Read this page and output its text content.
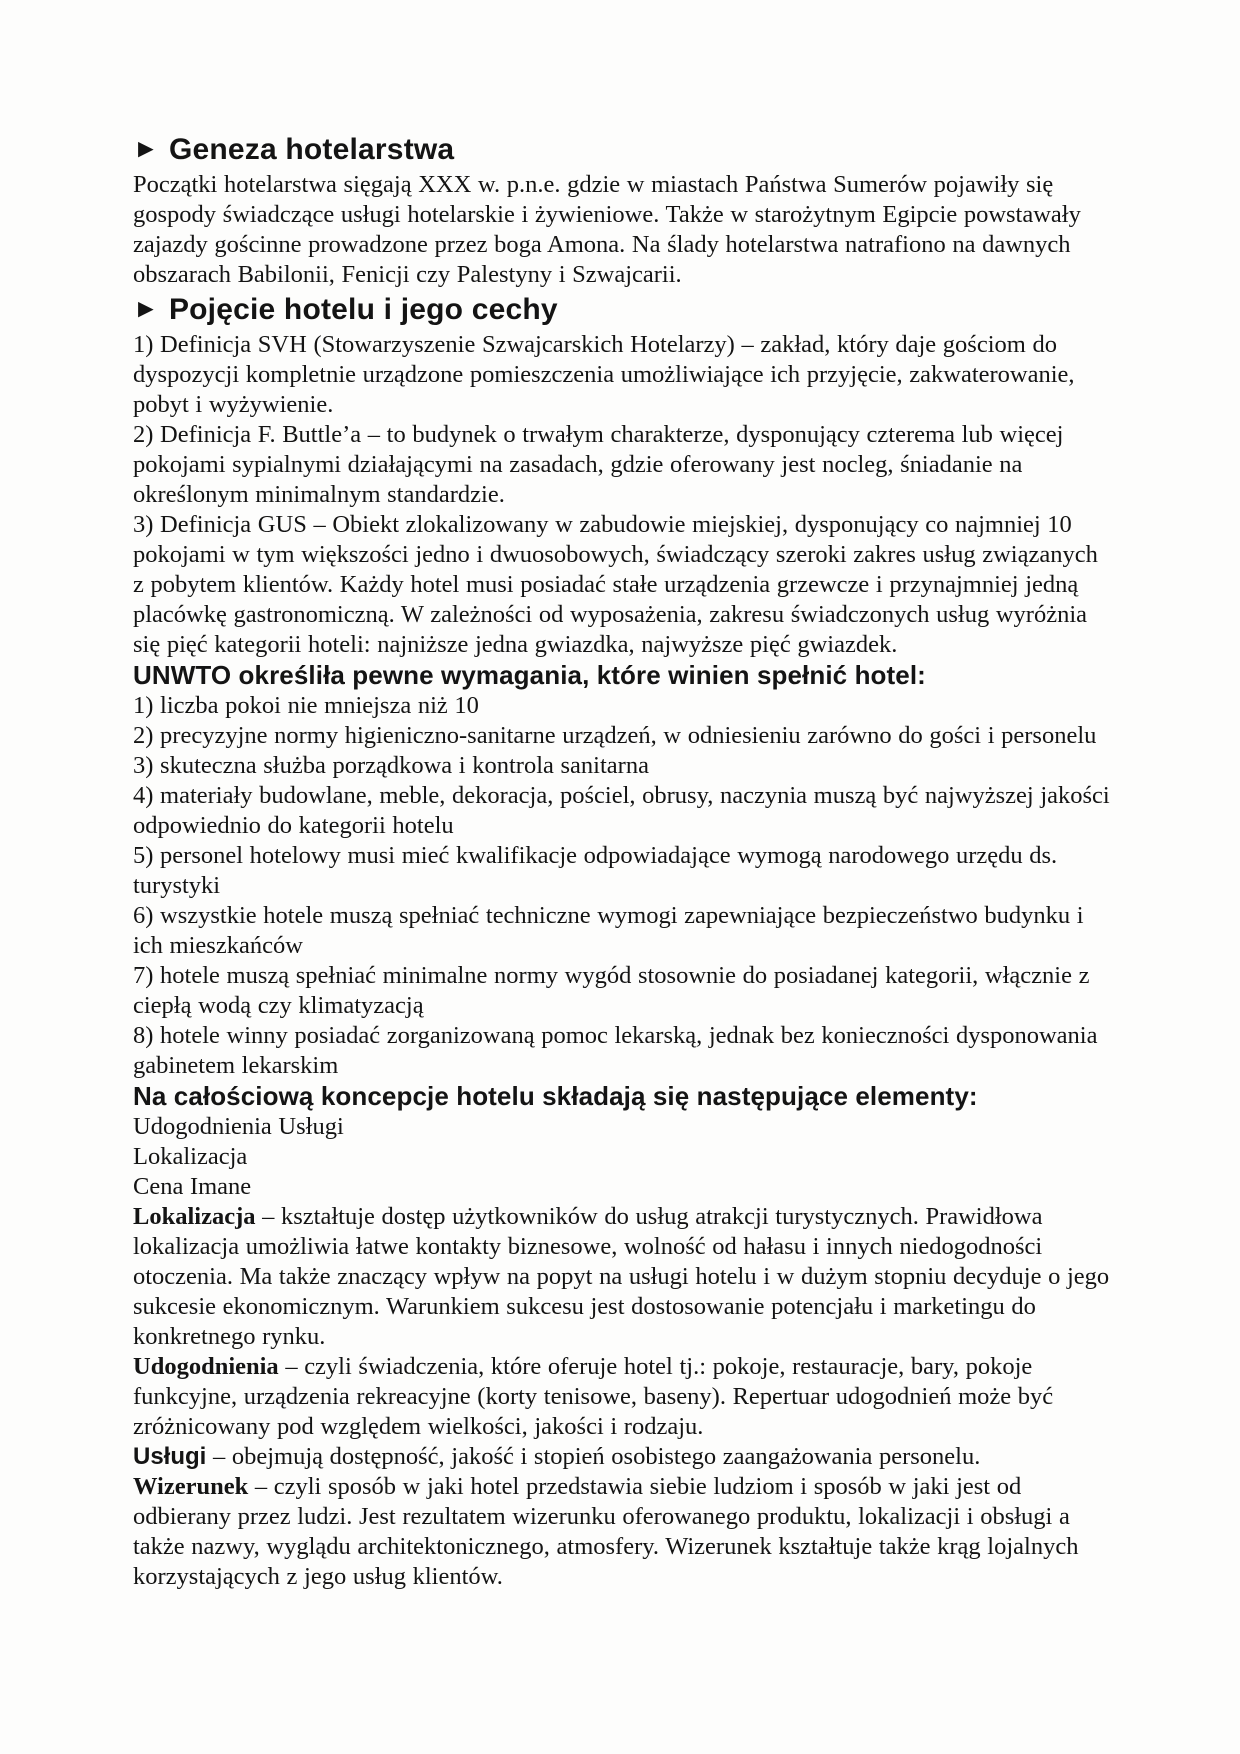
► Geneza hotelarstwa

Początki hotelarstwa sięgają XXX w. p.n.e. gdzie w miastach Państwa Sumerów pojawiły się gospody świadczące usługi hotelarskie i żywieniowe. Także w starożytnym Egipcie powstawały zajazdy gościnne prowadzone przez boga Amona. Na ślady hotelarstwa natrafiono na dawnych obszarach Babilonii, Fenicji czy Palestyny i Szwajcarii.

► Pojęcie hotelu i jego cechy

1) Definicja SVH (Stowarzyszenie Szwajcarskich Hotelarzy) – zakład, który daje gościom do dyspozycji kompletnie urządzone pomieszczenia umożliwiające ich przyjęcie, zakwaterowanie, pobyt i wyżywienie.

2) Definicja F. Buttle’a – to budynek o trwałym charakterze, dysponujący czterema lub więcej pokojami sypialnymi działającymi na zasadach, gdzie oferowany jest nocleg, śniadanie na określonym minimalnym standardzie.

3) Definicja GUS – Obiekt zlokalizowany w zabudowie miejskiej, dysponujący co najmniej 10 pokojami w tym większości jedno i dwuosobowych, świadczący szeroki zakres usług związanych z pobytem klientów. Każdy hotel musi posiadać stałe urządzenia grzewcze i przynajmniej jedną placówkę gastronomiczną. W zależności od wyposażenia, zakresu świadczonych usług wyróżnia się pięć kategorii hoteli: najniższe jedna gwiazdka, najwyższe pięć gwiazdek.

UNWTO określiła pewne wymagania, które winien spełnić hotel:

1) liczba pokoi nie mniejsza niż 10

2) precyzyjne normy higieniczno-sanitarne urządzeń, w odniesieniu zarówno do gości i personelu

3) skuteczna służba porządkowa i kontrola sanitarna

4) materiały budowlane, meble, dekoracja, pościel, obrusy, naczynia muszą być najwyższej jakości odpowiednio do kategorii hotelu

5) personel hotelowy musi mieć kwalifikacje odpowiadające wymogą narodowego urzędu ds. turystyki

6) wszystkie hotele muszą spełniać techniczne wymogi zapewniające bezpieczeństwo budynku i ich mieszkańców

7) hotele muszą spełniać minimalne normy wygód stosownie do posiadanej kategorii, włącznie z ciepłą wodą czy klimatyzacją

8) hotele winny posiadać zorganizowaną pomoc lekarską, jednak bez konieczności dysponowania gabinetem lekarskim

Na całościową koncepcje hotelu składają się następujące elementy:

Udogodnienia Usługi

Lokalizacja

Cena Imane

Lokalizacja – kształtuje dostęp użytkowników do usług atrakcji turystycznych. Prawidłowa lokalizacja umożliwia łatwe kontakty biznesowe, wolność od hałasu i innych niedogodności otoczenia. Ma także znaczący wpływ na popyt na usługi hotelu i w dużym stopniu decyduje o jego sukcesie ekonomicznym. Warunkiem sukcesu jest dostosowanie potencjału i marketingu do konkretnego rynku.

Udogodnienia – czyli świadczenia, które oferuje hotel tj.: pokoje, restauracje, bary, pokoje funkcyjne, urządzenia rekreacyjne (korty tenisowe, baseny). Repertuar udogodnień może być zróżnicowany pod względem wielkości, jakości i rodzaju.

Usługi – obejmują dostępność, jakość i stopień osobistego zaangażowania personelu.

Wizerunek – czyli sposób w jaki hotel przedstawia siebie ludziom i sposób w jaki jest od odbierany przez ludzi. Jest rezultatem wizerunku oferowanego produktu, lokalizacji i obsługi a także nazwy, wyglądu architektonicznego, atmosfery. Wizerunek kształtuje także krąg lojalnych korzystających z jego usług klientów.
